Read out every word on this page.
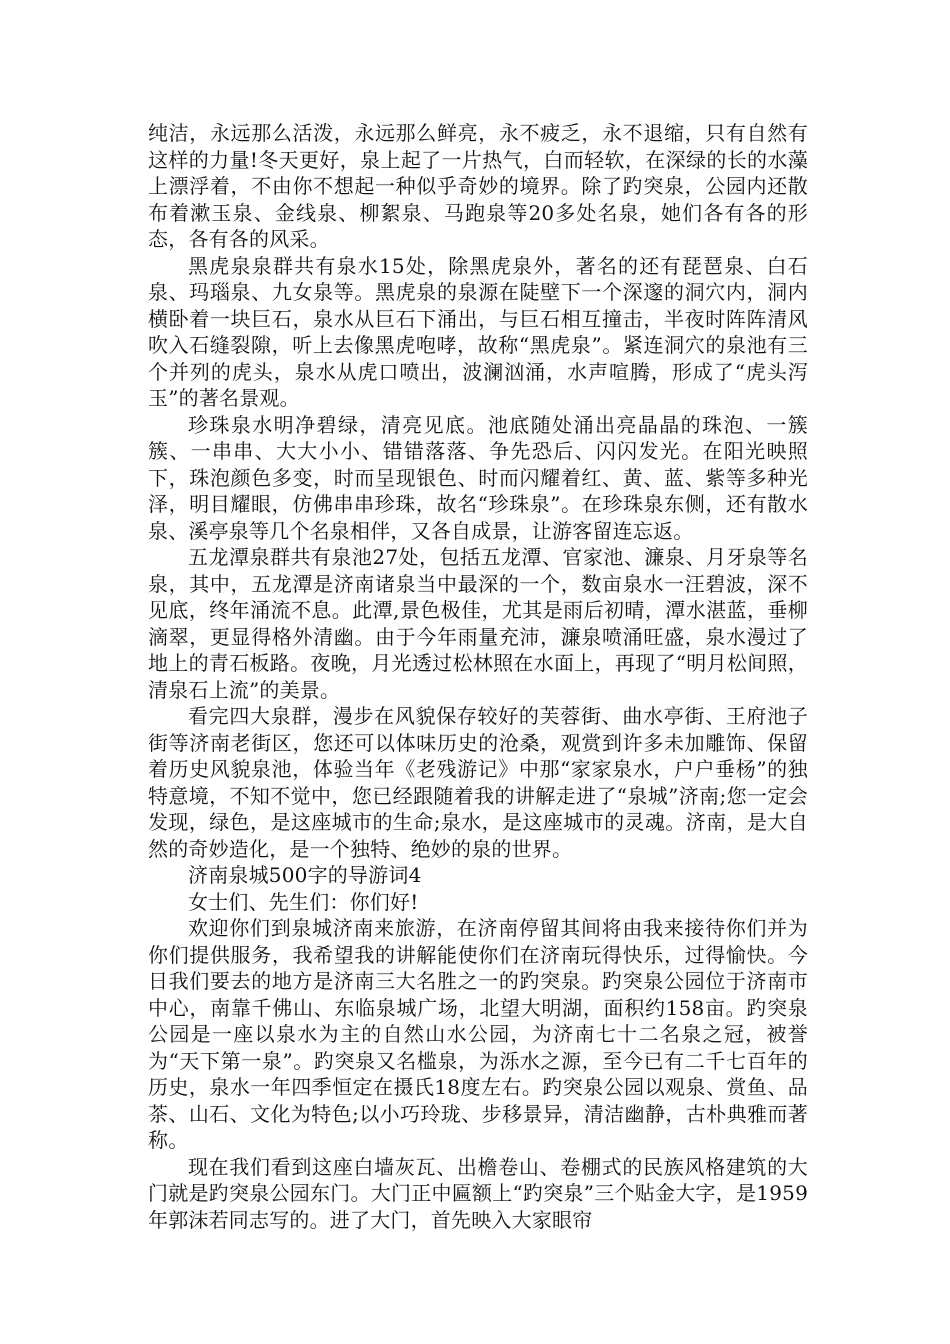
纯洁，永远那么活泼，永远那么鲜亮，永不疲乏，永不退缩，只有自然有这样的力量!冬天更好，泉上起了一片热气，白而轻软，在深绿的长的水藻上漂浮着，不由你不想起一种似乎奇妙的境界。除了趵突泉，公园内还散布着漱玉泉、金线泉、柳絮泉、马跑泉等20多处名泉，她们各有各的形态，各有各的风采。

黑虎泉泉群共有泉水15处，除黑虎泉外，著名的还有琵琶泉、白石泉、玛瑙泉、九女泉等。黑虎泉的泉源在陡壁下一个深邃的洞穴内，洞内横卧着一块巨石，泉水从巨石下涌出，与巨石相互撞击，半夜时阵阵清风吹入石缝裂隙，听上去像黑虎咆哮，故称“黑虎泉”。紧连洞穴的泉池有三个并列的虎头，泉水从虎口喷出，波澜汹涌，水声喧腾，形成了“虎头泻玉”的著名景观。

珍珠泉水明净碧绿，清亮见底。池底随处涌出亮晶晶的珠泡、一簇簇、一串串、大大小小、错错落落、争先恐后、闪闪发光。在阳光映照下，珠泡颜色多变，时而呈现银色、时而闪耀着红、黄、蓝、紫等多种光泽，明目耀眼，仿佛串串珍珠，故名“珍珠泉”。在珍珠泉东侧，还有散水泉、溪亭泉等几个名泉相伴，又各自成景，让游客留连忘返。

五龙潭泉群共有泉池27处，包括五龙潭、官家池、濂泉、月牙泉等名泉，其中，五龙潭是济南诸泉当中最深的一个，数亩泉水一汪碧波，深不见底，终年涌流不息。此潭,景色极佳，尤其是雨后初晴，潭水湛蓝，垂柳滴翠，更显得格外清幽。由于今年雨量充沛，濂泉喷涌旺盛，泉水漫过了地上的青石板路。夜晚，月光透过松林照在水面上，再现了“明月松间照，清泉石上流”的美景。

看完四大泉群，漫步在风貌保存较好的芙蓉街、曲水亭街、王府池子街等济南老街区，您还可以体味历史的沧桑，观赏到许多未加雕饰、保留着历史风貌泉池，体验当年《老残游记》中那“家家泉水，户户垂杨”的独特意境，不知不觉中，您已经跟随着我的讲解走进了“泉城”济南;您一定会发现，绿色，是这座城市的生命;泉水，是这座城市的灵魂。济南，是大自然的奇妙造化，是一个独特、绝妙的泉的世界。

济南泉城500字的导游词4

女士们、先生们：你们好!

欢迎你们到泉城济南来旅游，在济南停留其间将由我来接待你们并为你们提供服务，我希望我的讲解能使你们在济南玩得快乐，过得愉快。今日我们要去的地方是济南三大名胜之一的趵突泉。趵突泉公园位于济南市中心，南靠千佛山、东临泉城广场，北望大明湖，面积约158亩。趵突泉公园是一座以泉水为主的自然山水公园，为济南七十二名泉之冠，被誉为“天下第一泉”。趵突泉又名槛泉，为泺水之源，至今已有二千七百年的历史，泉水一年四季恒定在摄氏18度左右。趵突泉公园以观泉、赏鱼、品茶、山石、文化为特色;以小巧玲珑、步移景异，清洁幽静，古朴典雅而著称。

现在我们看到这座白墙灰瓦、出檐卷山、卷棚式的民族风格建筑的大门就是趵突泉公园东门。大门正中匾额上“趵突泉”三个贴金大字，是1959年郭沫若同志写的。进了大门，首先映入大家眼帘
